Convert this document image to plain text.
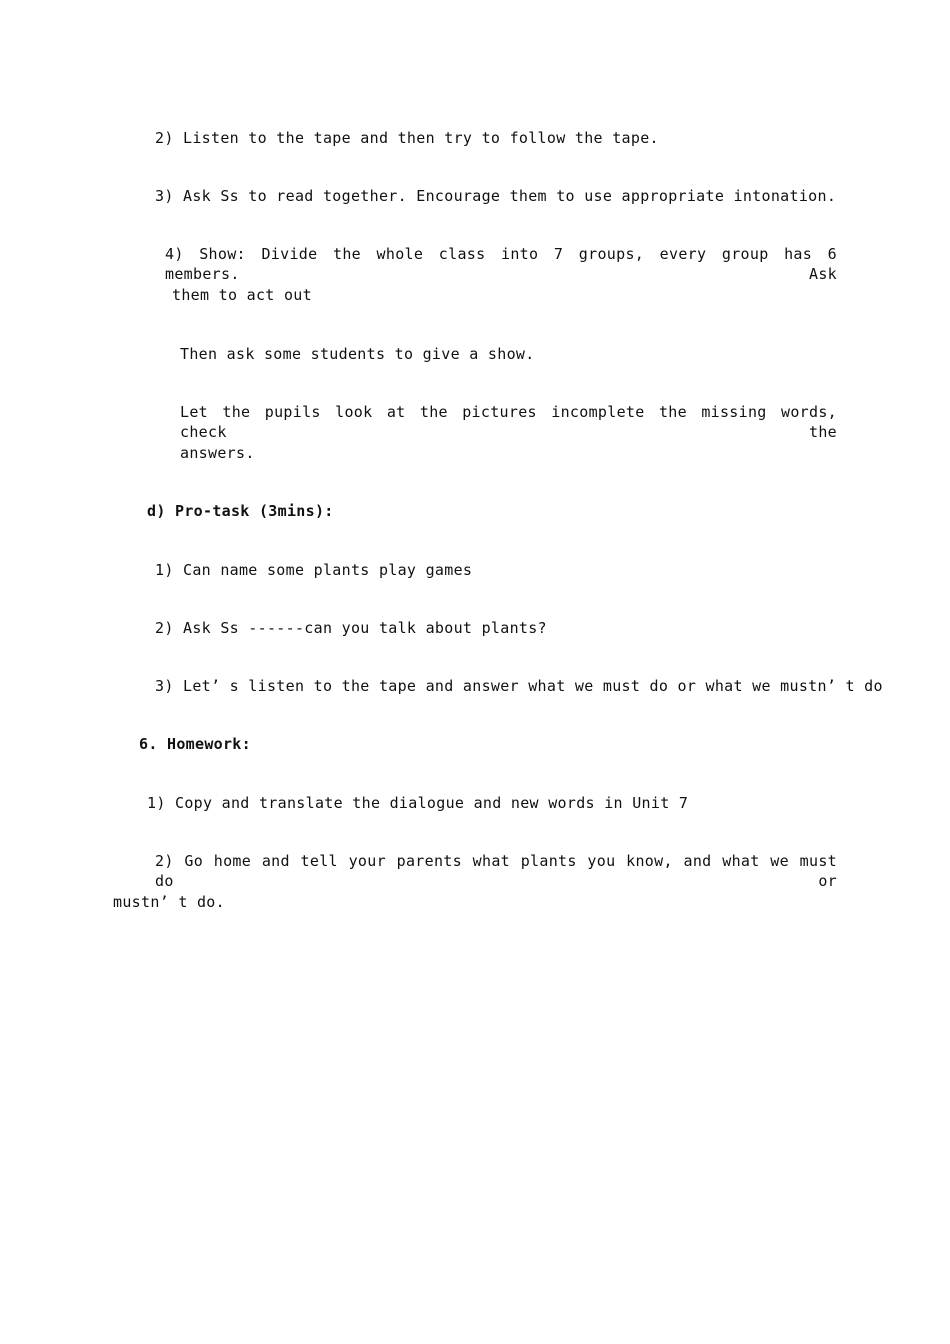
2) Listen to the tape and then try to follow the tape.
3) Ask Ss to read together. Encourage them to use appropriate intonation.
4) Show: Divide the whole class into 7 groups, every group has 6 members. Ask
them to act out
Then ask some students to give a show.
Let the pupils look at the pictures incomplete the missing words, check the
answers.
d) Pro-task (3mins):
1) Can name some plants play games
2) Ask Ss ------can you talk about plants?
3) Let’ s listen to the tape and answer what we must do or what we mustn’ t do
6. Homework:
1) Copy and translate the dialogue and new words in Unit 7
2) Go home and tell your parents what plants you know, and what we must do or
mustn’ t do.
